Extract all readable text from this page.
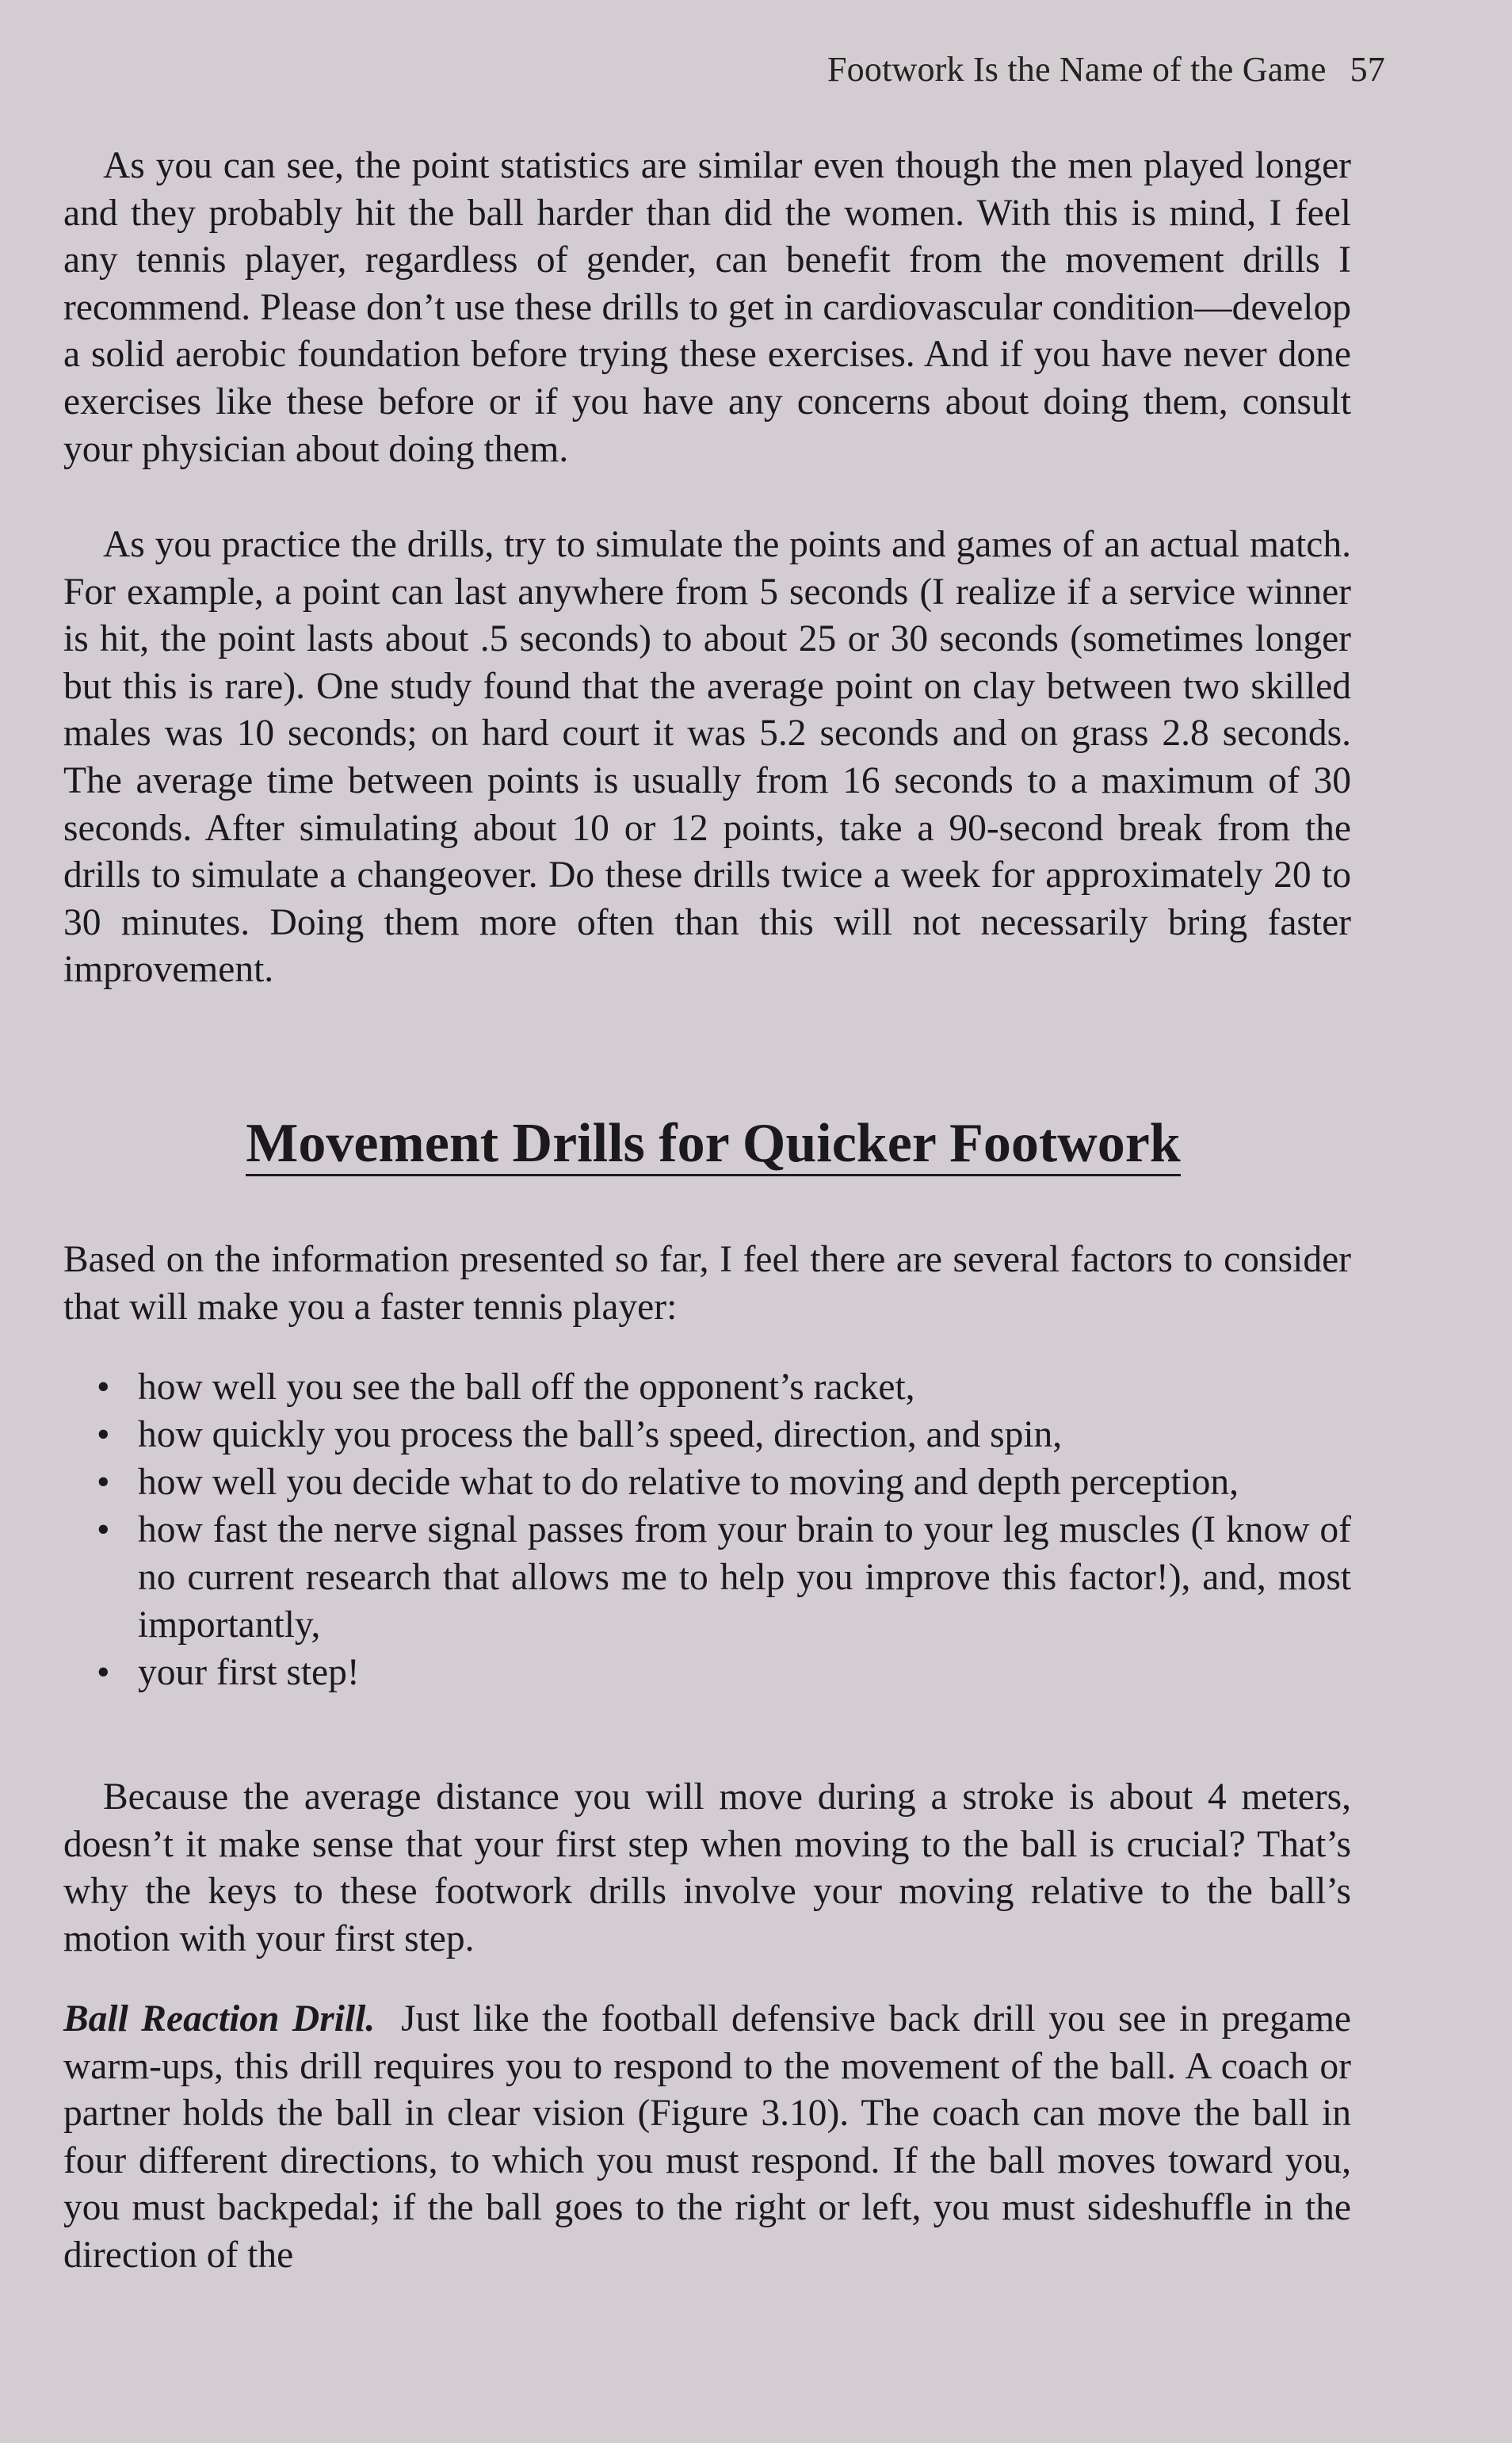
Footwork Is the Name of the Game 57

As you can see, the point statistics are similar even though the men played longer and they probably hit the ball harder than did the women. With this is mind, I feel any tennis player, regardless of gender, can benefit from the movement drills I recommend. Please don’t use these drills to get in cardiovascular condition—develop a solid aerobic foundation before trying these exercises. And if you have never done exercises like these before or if you have any concerns about doing them, consult your physician about doing them.

As you practice the drills, try to simulate the points and games of an actual match. For example, a point can last anywhere from 5 seconds (I realize if a service winner is hit, the point lasts about .5 seconds) to about 25 or 30 seconds (sometimes longer but this is rare). One study found that the average point on clay between two skilled males was 10 seconds; on hard court it was 5.2 seconds and on grass 2.8 seconds. The average time between points is usually from 16 seconds to a maximum of 30 seconds. After simulating about 10 or 12 points, take a 90-second break from the drills to simulate a changeover. Do these drills twice a week for approximately 20 to 30 minutes. Doing them more often than this will not necessarily bring faster improvement.

Movement Drills for Quicker Footwork

Based on the information presented so far, I feel there are several factors to consider that will make you a faster tennis player:

• how well you see the ball off the opponent’s racket,
• how quickly you process the ball’s speed, direction, and spin,
• how well you decide what to do relative to moving and depth perception,
• how fast the nerve signal passes from your brain to your leg muscles (I know of no current research that allows me to help you improve this factor!), and, most importantly,
• your first step!

Because the average distance you will move during a stroke is about 4 meters, doesn’t it make sense that your first step when moving to the ball is crucial? That’s why the keys to these footwork drills involve your moving relative to the ball’s motion with your first step.

Ball Reaction Drill. Just like the football defensive back drill you see in pregame warm-ups, this drill requires you to respond to the movement of the ball. A coach or partner holds the ball in clear vision (Figure 3.10). The coach can move the ball in four different directions, to which you must respond. If the ball moves toward you, you must backpedal; if the ball goes to the right or left, you must sideshuffle in the direction of the
